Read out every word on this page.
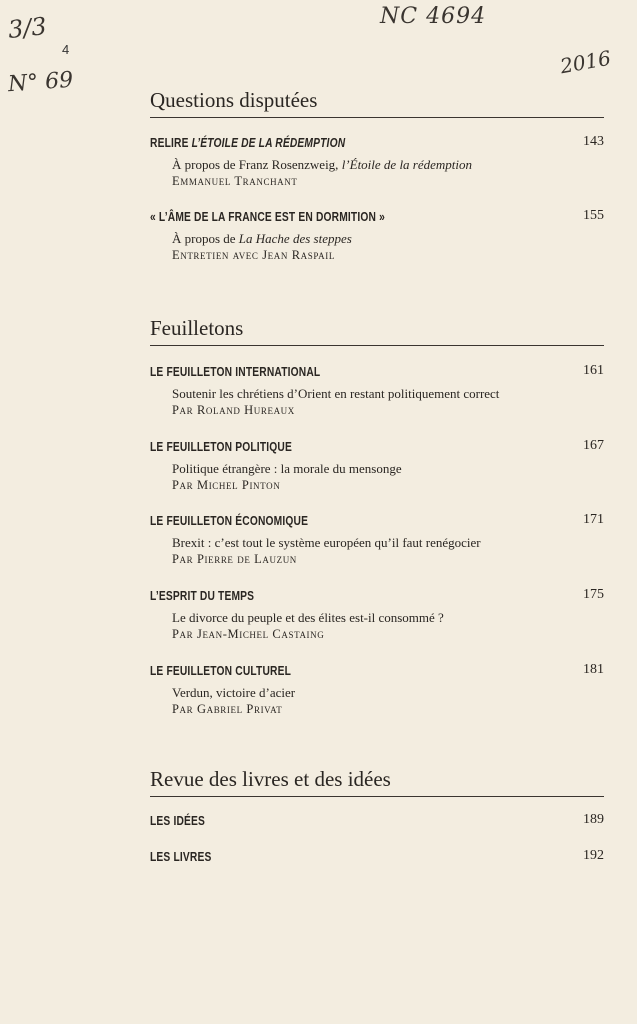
3/3
N° 69
NC 4694
2016
4
Questions disputées
RELIRE L’ÉTOILE DE LA RÉDEMPTION	143
À propos de Franz Rosenzweig, l’Étoile de la rédemption
Emmanuel Tranchant
« L’ÂME DE LA FRANCE EST EN DORMITION »	155
À propos de La Hache des steppes
Entretien avec Jean Raspail
Feuilletons
LE FEUILLETON INTERNATIONAL	161
Soutenir les chrétiens d’Orient en restant politiquement correct
Par Roland Hureaux
LE FEUILLETON POLITIQUE	167
Politique étrangère : la morale du mensonge
Par Michel Pinton
LE FEUILLETON ÉCONOMIQUE	171
Brexit : c’est tout le système européen qu’il faut renégocier
Par Pierre de Lauzun
L’ESPRIT DU TEMPS	175
Le divorce du peuple et des élites est-il consommé ?
Par Jean-Michel Castaing
LE FEUILLETON CULTUREL	181
Verdun, victoire d’acier
Par Gabriel Privat
Revue des livres et des idées
LES IDÉES	189
LES LIVRES	192
